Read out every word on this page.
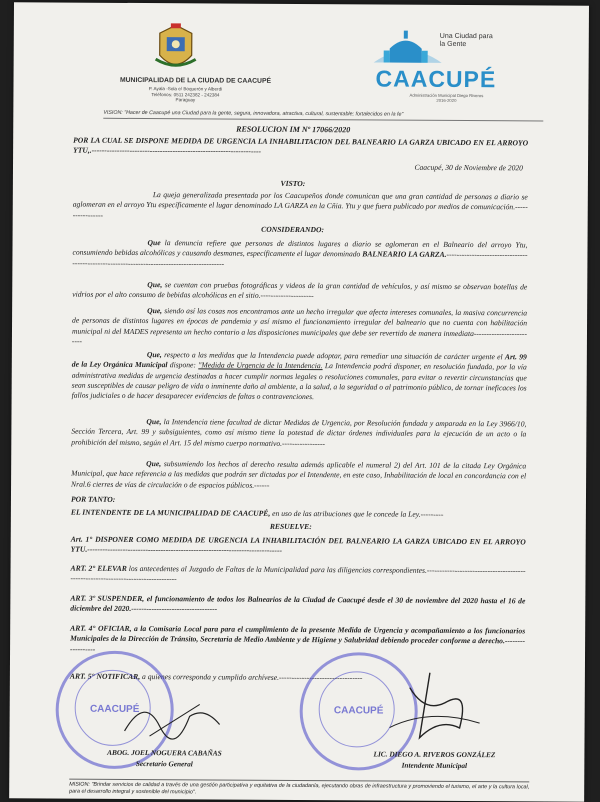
MUNICIPALIDAD DE LA CIUDAD DE CAACUPÉ
P. Ayala -Sola e/ Boquerón y Alberdi
Teléfonos: 0511 242382 - 242384
Paraguay
Una Ciudad para la Gente
CAACUPÉ
Administración Municipal Diego Riveros
2016-2020
VISION: "Hacer de Caacupé una Ciudad para la gente, segura, innovadora, atractiva, cultural, sustentable; fortalecidos en la fe"

RESOLUCION IM Nº 17066/2020

POR LA CUAL SE DISPONE MEDIDA DE URGENCIA LA INHABILITACION DEL BALNEARIO LA GARZA UBICADO EN EL ARROYO YTU,.-------------------------------------------------------------------

Caacupé, 30 de Noviembre de 2020

VISTO:

La queja generalizada presentada por los Caacupeños donde comunican que una gran cantidad de personas a diario se aglomeran en el arroyo Ytu específicamente el lugar denominado LA GARZA en la Cñia. Ytu y que fuera publicado por medios de comunicación.-----------------

CONSIDERANDO:

Que la denuncia refiere que personas de distintos lugares a diario se aglomeran en el Balneario del arroyo Ytu, consumiendo bebidas alcohólicas y causando desmanes, específicamente el lugar denominado BALNEARIO LA GARZA.--------------------------------------------------------------------------------------------

Que, se cuentan con pruebas fotográficas y videos de la gran cantidad de vehículos, y así mismo se observan botellas de vidrios por el alto consumo de bebidas alcohólicas en el sitio.---------------------

Que, siendo así las cosas nos encontramos ante un hecho irregular que afecta intereses comunales, la masiva concurrencia de personas de distintos lugares en épocas de pandemia y así mismo el funcionamiento irregular del balneario que no cuenta con habilitación municipal ni del MADES representa un hecho contario a las disposiciones municipales que debe ser revertido de manera inmediata-------------------------

Que, respecto a las medidas que la Intendencia puede adoptar, para remediar una situación de carácter urgente el Art. 99 de la Ley Orgánica Municipal dispone: "Medida de Urgencia de la Intendencia. La Intendencia podrá disponer, en resolución fundada, por la vía administrativa medidas de urgencia destinadas a hacer cumplir normas legales o resoluciones comunales, para evitar o revertir circunstancias que sean susceptibles de causar peligro de vida o inminente daño al ambiente, a la salud, a la seguridad o al patrimonio público, de tornar ineficaces los fallos judiciales o de hacer desaparecer evidencias de faltas o contravenciones.

Que, la Intendencia tiene facultad de dictar Medidas de Urgencia, por Resolución fundada y amparada en la Ley 3966/10, Sección Tercera, Art. 99 y subsiguientes, como así mismo tiene la potestad de dictar órdenes individuales para la ejecución de un acto o la prohibición del mismo, según el Art. 15 del mismo cuerpo normativo.-----------------

Que, subsumiendo los hechos al derecho resulta además aplicable el numeral 2) del Art. 101 de la citada Ley Orgánica Municipal, que hace referencia a las medidas que podrán ser dictadas por el Intendente, en este caso, Inhabilitación de local en concordancia con el Nral.6 cierres de vías de circulación o de espacios públicos.------

POR TANTO:

EL INTENDENTE DE LA MUNICIPALIDAD DE CAACUPÉ, en uso de las atribuciones que le concede la Ley.---------

RESUELVE:

Art. 1° DISPONER COMO MEDIDA DE URGENCIA LA INHABILITACIÓN DEL BALNEARIO LA GARZA UBICADO EN EL ARROYO YTU.-----------------------------------------------------------------------------

ART. 2° ELEVAR los antecedentes al Juzgado de Faltas de la Municipalidad para las diligencias correspondientes.---------------------------------------------------------------------------------

ART. 3º SUSPENDER, el funcionamiento de todos los Balnearios de la Ciudad de Caacupé desde el 30 de noviembre del 2020 hasta el 16 de diciembre del 2020.----------------------------------

ART. 4° OFICIAR, a la Comisaria Local para para el cumplimiento de la presente Medida de Urgencia y acompañamiento a los funcionarios Municipales de la Dirección de Tránsito, Secretaria de Medio Ambiente y de Higiene y Salubridad debiendo proceder conforme a derecho.------------------

ART. 5° NOTIFICAR, a quienes corresponda y cumplido archívese.---------------------------------

CAACUPÉ	CAACUPÉ
ABOG. JOEL NOGUERA CABAÑAS
Secretario General
LIC. DIEGO A. RIVEROS GONZÁLEZ
Intendente Municipal

MISION: "Brindar servicios de calidad a través de una gestión participativa y equitativa de la ciudadanía, ejecutando obras de infraestructura y promoviendo el turismo, el arte y la cultura local, para el desarrollo integral y sostenible del municipio".
